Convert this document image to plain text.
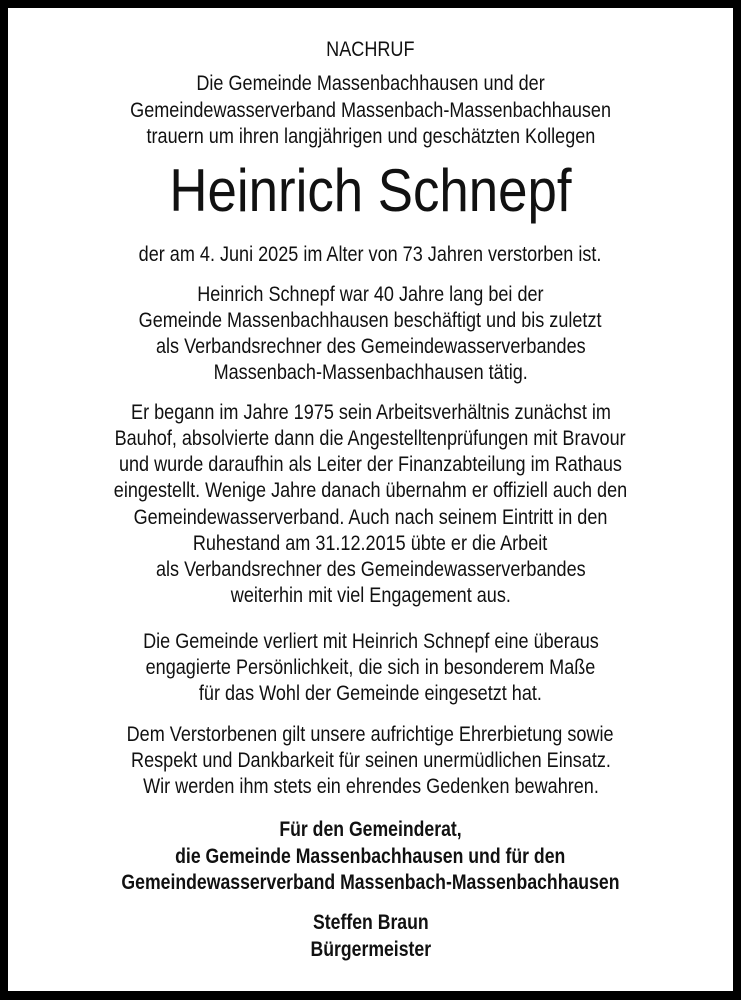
NACHRUF
Die Gemeinde Massenbachhausen und der
Gemeindewasserverband Massenbach-Massenbachhausen
trauern um ihren langjährigen und geschätzten Kollegen
Heinrich Schnepf
der am 4. Juni 2025 im Alter von 73 Jahren verstorben ist.
Heinrich Schnepf war 40 Jahre lang bei der
Gemeinde Massenbachhausen beschäftigt und bis zuletzt
als Verbandsrechner des Gemeindewasserverbandes
Massenbach-Massenbachhausen tätig.
Er begann im Jahre 1975 sein Arbeitsverhältnis zunächst im
Bauhof, absolvierte dann die Angestelltenprüfungen mit Bravour
und wurde daraufhin als Leiter der Finanzabteilung im Rathaus
eingestellt. Wenige Jahre danach übernahm er offiziell auch den
Gemeindewasserverband. Auch nach seinem Eintritt in den
Ruhestand am 31.12.2015 übte er die Arbeit
als Verbandsrechner des Gemeindewasserverbandes
weiterhin mit viel Engagement aus.
Die Gemeinde verliert mit Heinrich Schnepf eine überaus
engagierte Persönlichkeit, die sich in besonderem Maße
für das Wohl der Gemeinde eingesetzt hat.
Dem Verstorbenen gilt unsere aufrichtige Ehrerbietung sowie
Respekt und Dankbarkeit für seinen unermüdlichen Einsatz.
Wir werden ihm stets ein ehrendes Gedenken bewahren.
Für den Gemeinderat,
die Gemeinde Massenbachhausen und für den
Gemeindewasserverband Massenbach-Massenbachhausen
Steffen Braun
Bürgermeister
